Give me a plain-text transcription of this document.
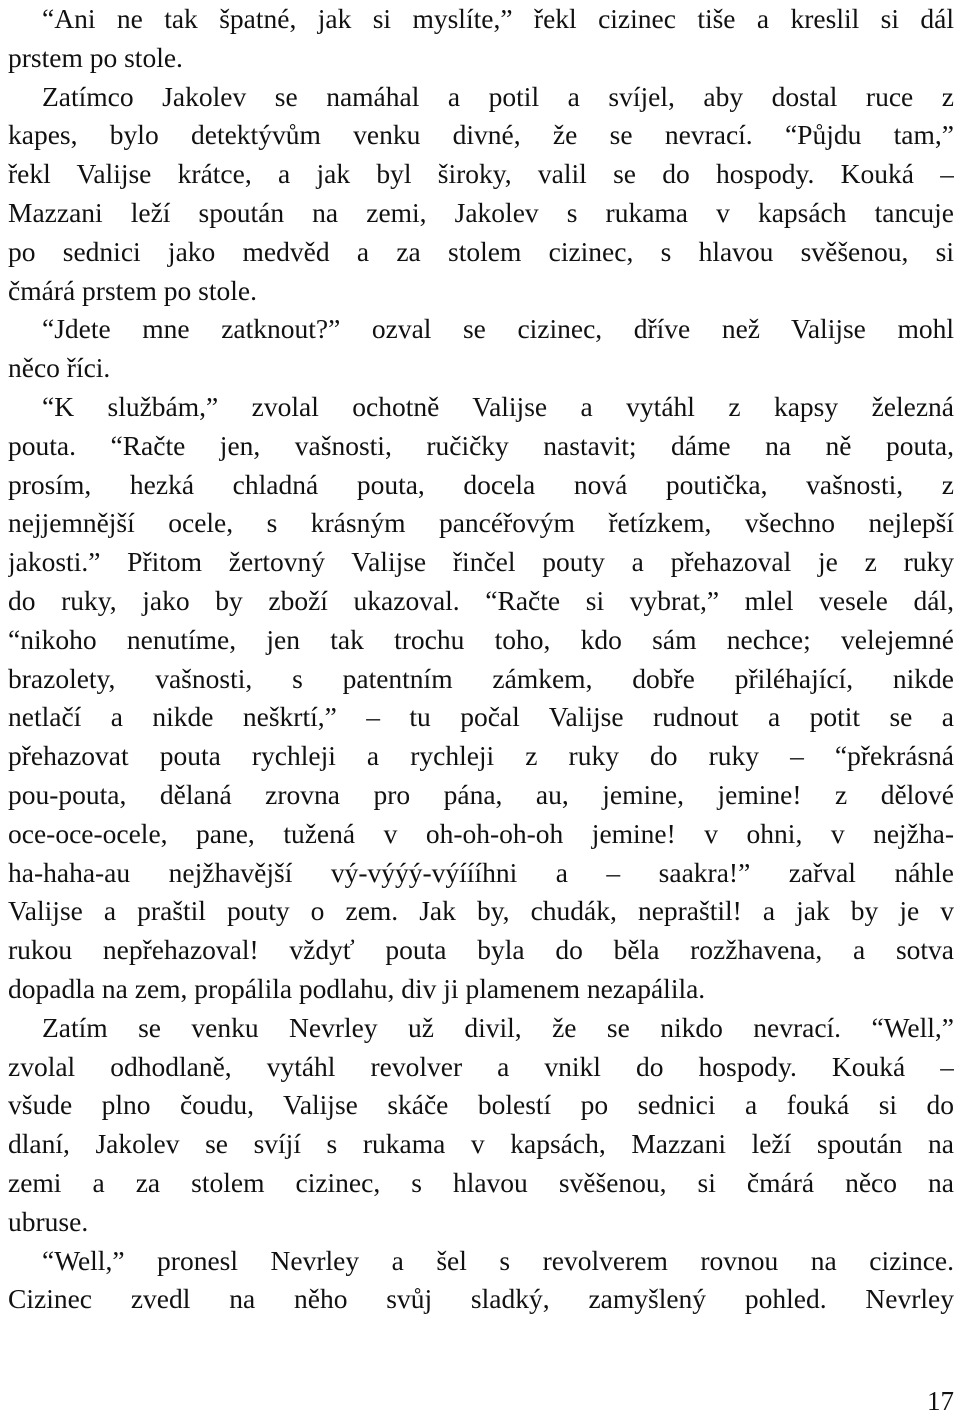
“Ani ne tak špatné, jak si myslíte,” řekl cizinec tiše a kreslil si dál
prstem po stole.
Zatímco Jakolev se namáhal a potil a svíjel, aby dostal ruce z
kapes, bylo detektývům venku divné, že se nevrací. “Půjdu tam,”
řekl Valijse krátce, a jak byl široky, valil se do hospody. Kouká –
Mazzani leží spoután na zemi, Jakolev s rukama v kapsách tancuje
po sednici jako medvěd a za stolem cizinec, s hlavou svěšenou, si
čmárá prstem po stole.
“Jdete mne zatknout?” ozval se cizinec, dříve než Valijse mohl
něco říci.
“K službám,” zvolal ochotně Valijse a vytáhl z kapsy železná
pouta. “Račte jen, vašnosti, ručičky nastavit; dáme na ně pouta,
prosím, hezká chladná pouta, docela nová poutička, vašnosti, z
nejjemnější ocele, s krásným pancéřovým řetízkem, všechno nejlepší
jakosti.” Přitom žertovný Valijse řinčel pouty a přehazoval je z ruky
do ruky, jako by zboží ukazoval. “Račte si vybrat,” mlel vesele dál,
“nikoho nenutíme, jen tak trochu toho, kdo sám nechce; velejemné
brazolety, vašnosti, s patentním zámkem, dobře přiléhající, nikde
netlačí a nikde neškrtí,” – tu počal Valijse rudnout a potit se a
přehazovat pouta rychleji a rychleji z ruky do ruky – “překrásná
pou-pouta, dělaná zrovna pro pána, au, jemine, jemine! z dělové
oce-oce-ocele, pane, tužená v oh-oh-oh-oh jemine! v ohni, v nejžha-
ha-haha-au nejžhavější vý-výýý-výíííhni a – saakra!” zařval náhle
Valijse a praštil pouty o zem. Jak by, chudák, nepraštil! a jak by je v
rukou nepřehazoval! vždyť pouta byla do běla rozžhavena, a sotva
dopadla na zem, propálila podlahu, div ji plamenem nezapálila.
Zatím se venku Nevrley už divil, že se nikdo nevrací. “Well,”
zvolal odhodlaně, vytáhl revolver a vnikl do hospody. Kouká –
všude plno čoudu, Valijse skáče bolestí po sednici a fouká si do
dlaní, Jakolev se svíjí s rukama v kapsách, Mazzani leží spoután na
zemi a za stolem cizinec, s hlavou svěšenou, si čmárá něco na
ubruse.
“Well,” pronesl Nevrley a šel s revolverem rovnou na cizince.
Cizinec zvedl na něho svůj sladký, zamyšlený pohled. Nevrley
17
